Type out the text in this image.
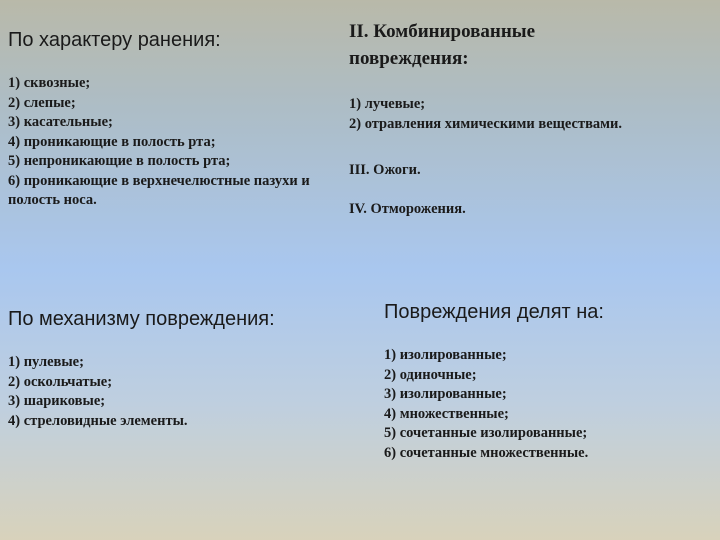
По характеру ранения:
1) сквозные;
2) слепые;
3) касательные;
4) проникающие в полость рта;
5) непроникающие в полость рта;
6) проникающие в верхнечелюстные пазухи и полость носа.
II. Комбинированные
повреждения:
1) лучевые;
2) отравления химическими веществами.
III. Ожоги.
IV. Отморожения.
По механизму повреждения:
1) пулевые;
2) оскольчатые;
3) шариковые;
4) стреловидные элементы.
Повреждения делят на:
1) изолированные;
2) одиночные;
3) изолированные;
4) множественные;
5) сочетанные изолированные;
6) сочетанные множественные.
